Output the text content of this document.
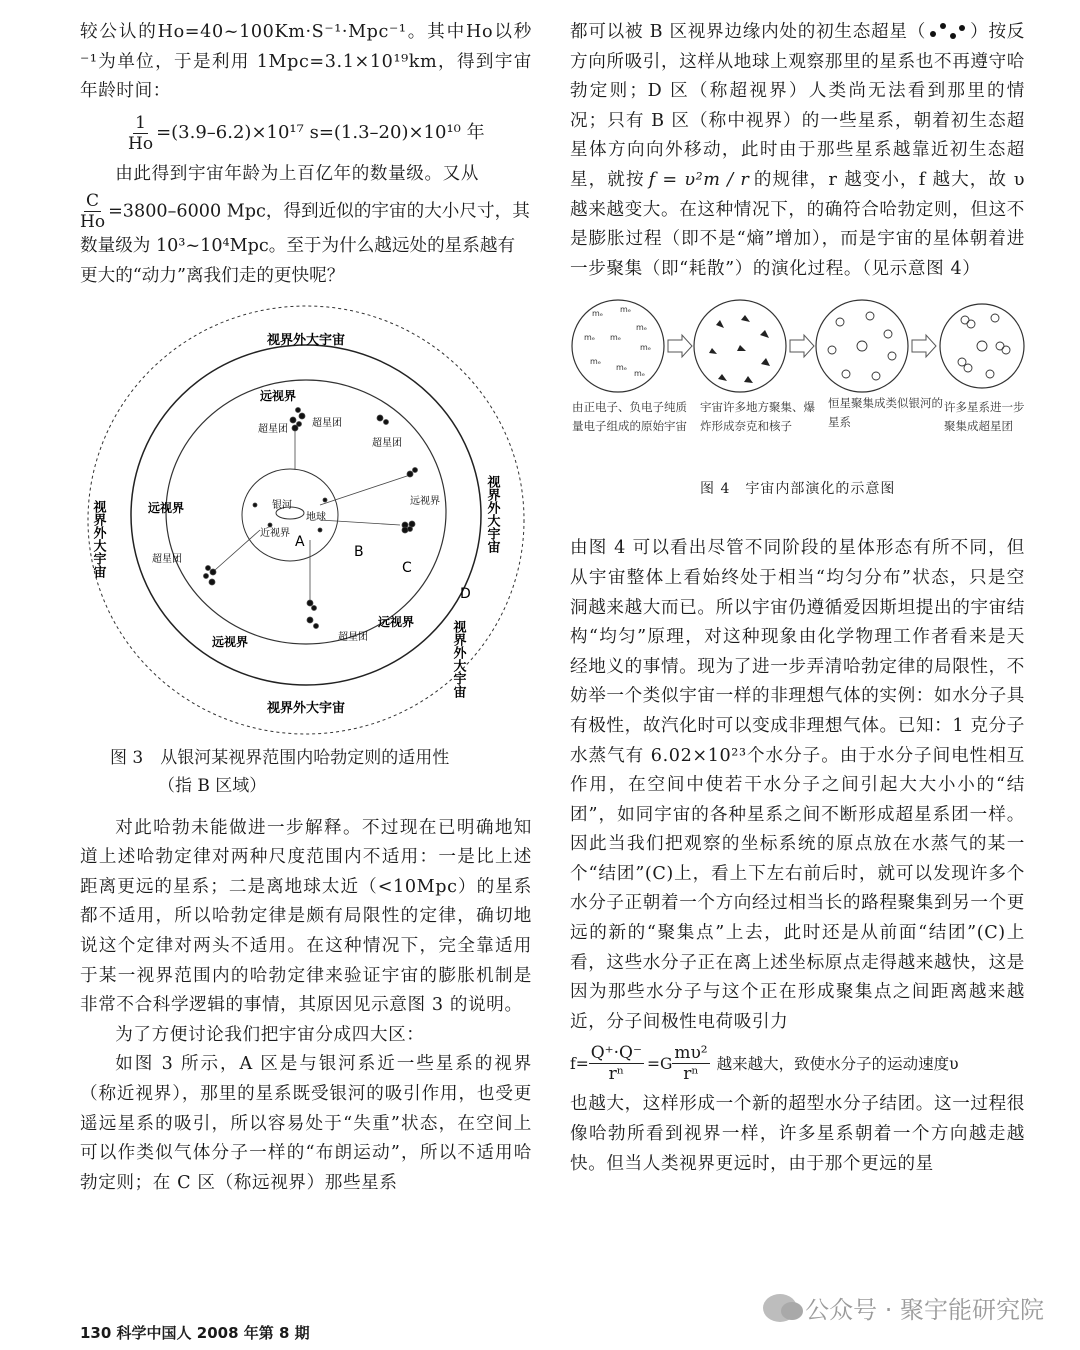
较公认的Ho=40~100Km·S⁻¹·Mpc⁻¹。其中Ho以秒⁻¹为单位，于是利用 1Mpc=3.1×10¹⁹km，得到宇宙年龄时间：

$\frac{1}{Ho} =(3.9-6.2)\times 10^{17}$ s=(1.3–20)×10¹⁰ 年

由此得到宇宙年龄为上百亿年的数量级。又从

$\frac{C}{Ho} =3800-6000$ Mpc，得到近似的宇宙的大小尺寸，其数量级为 10³~10⁴Mpc。至于为什么越远处的星系越有更大的“动力”离我们走的更快呢？
视界外大宇宙
视界外大宇宙
视界外大宇宙	视界外大宇宙
视界外大宇宙
远视界
远视界
远视界
远视界
远视界
超星团
超星团
超星团
超星团
超星团
银河
地球
近视界
A
B
C
D
图 3　从银河某视界范围内哈勃定则的适用性
（指 B 区域）

对此哈勃未能做进一步解释。不过现在已明确地知道上述哈勃定律对两种尺度范围内不适用：一是比上述距离更远的星系；二是离地球太近（<10Mpc）的星系都不适用，所以哈勃定律是颇有局限性的定律，确切地说这个定律对两头不适用。在这种情况下，完全靠适用于某一视界范围内的哈勃定律来验证宇宙的膨胀机制是非常不合科学逻辑的事情，其原因见示意图 3 的说明。

为了方便讨论我们把宇宙分成四大区：

如图 3 所示，A 区是与银河系近一些星系的视界（称近视界），那里的星系既受银河的吸引作用，也受更遥远星系的吸引，所以容易处于“失重”状态，在空间上可以作类似气体分子一样的“布朗运动”，所以不适用哈勃定则；在 C 区（称远视界）那些星系

都可以被 B 区视界边缘内处的初生态超星（	）按反方向所吸引，这样从地球上观察那里的星系也不再遵守哈勃定则；D 区（称超视界）人类尚无法看到那里的情况；只有 B 区（称中视界）的一些星系，朝着初生态超星体方向向外移动，此时由于那些星系越靠近初生态超星，就按 f = υ²m / r 的规律，r 越变小，f 越大，故 υ 越来越变大。在这种情况下，的确符合哈勃定则，但这不是膨胀过程（即不是“熵”增加），而是宇宙的星体朝着进一步聚集（即“耗散”）的演化过程。（见示意图 4）

mₑ mₑ
mₑ
mₑ mₑ
mₑ
mₑ
mₑ
mₑ
由正电子、负电子纯质量电子组成的原始宇宙
宇宙许多地方聚集、爆炸形成奈克和核子
恒星聚集成类似银河的星系
许多星系进一步聚集成超星团
图 4　宇宙内部演化的示意图

由图 4 可以看出尽管不同阶段的星体形态有所不同，但从宇宙整体上看始终处于相当“均匀分布”状态，只是空洞越来越大而已。所以宇宙仍遵循爱因斯坦提出的宇宙结构“均匀”原理，对这种现象由化学物理工作者看来是天经地义的事情。现为了进一步弄清哈勃定律的局限性，不妨举一个类似宇宙一样的非理想气体的实例：如水分子具有极性，故汽化时可以变成非理想气体。已知：1 克分子水蒸气有 6.02×10²³个水分子。由于水分子间电性相互作用，在空间中使若干水分子之间引起大大小小的“结团”，如同宇宙的各种星系之间不断形成超星系团一样。因此当我们把观察的坐标系统的原点放在水蒸气的某一个“结团”(C)上，看上下左右前后时，就可以发现许多个水分子正朝着一个方向经过相当长的路程聚集到另一个更远的新的“聚集点”上去，此时还是从前面“结团”(C)上看，这些水分子正在离上述坐标原点走得越来越快，这是因为那些水分子与这个正在形成聚集点之间距离越来越近，分子间极性电荷吸引力

$f= \frac{Q^+\cdot Q^-}{\text{rⁿ}} =G \frac{\text{mυ²}}{\text{rⁿ}}$ 越来越大，致使水分子的运动速度υ

也越大，这样形成一个新的超型水分子结团。这一过程很像哈勃所看到视界一样，许多星系朝着一个方向越走越快。但当人类视界更远时，由于那个更远的星

公众号 · 聚宇能研究院
130 科学中国人 2008 年第 8 期
